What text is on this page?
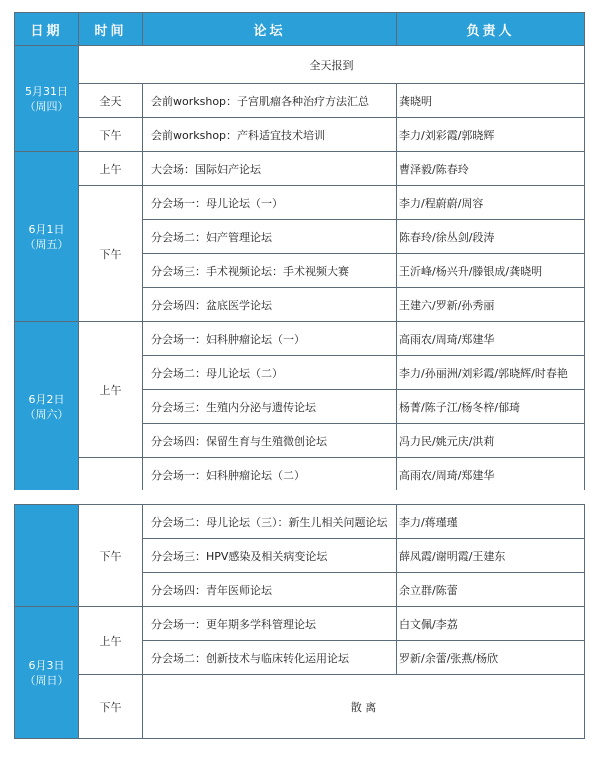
日期	时间	论坛	负责人

5月31日
（周四）	全天报到		
	全天	会前workshop：子宫肌瘤各种治疗方法汇总	龚晓明
	下午	会前workshop：产科适宜技术培训	李力/刘彩霞/郭晓辉

6月1日
（周五）	上午	大会场：国际妇产论坛	曹泽毅/陈春玲
	下午	分会场一：母儿论坛（一）	李力/程蔚蔚/周容
		分会场二：妇产管理论坛	陈春玲/徐丛剑/段涛
		分会场三：手术视频论坛：手术视频大赛	王沂峰/杨兴升/滕银成/龚晓明
		分会场四：盆底医学论坛	王建六/罗新/孙秀丽

6月2日
（周六）	上午	分会场一：妇科肿瘤论坛（一）	高雨农/周琦/郑建华
		分会场二：母儿论坛（二）	李力/孙丽洲/刘彩霞/郭晓辉/时春艳
		分会场三：生殖内分泌与遗传论坛	杨菁/陈子江/杨冬梓/郁琦
		分会场四：保留生育与生殖微创论坛	冯力民/姚元庆/洪莉
		分会场一：妇科肿瘤论坛（二）	高雨农/周琦/郑建华
	下午	分会场二：母儿论坛（三）：新生儿相关问题论坛	李力/蒋瑾瑾
		分会场三：HPV感染及相关病变论坛	薛凤霞/谢明霞/王建东
		分会场四：青年医师论坛	余立群/陈蕾

6月3日
（周日）	上午	分会场一：更年期多学科管理论坛	白文佩/李荔
		分会场二：创新技术与临床转化运用论坛	罗新/余蕾/张燕/杨欣
	下午	散 离	
